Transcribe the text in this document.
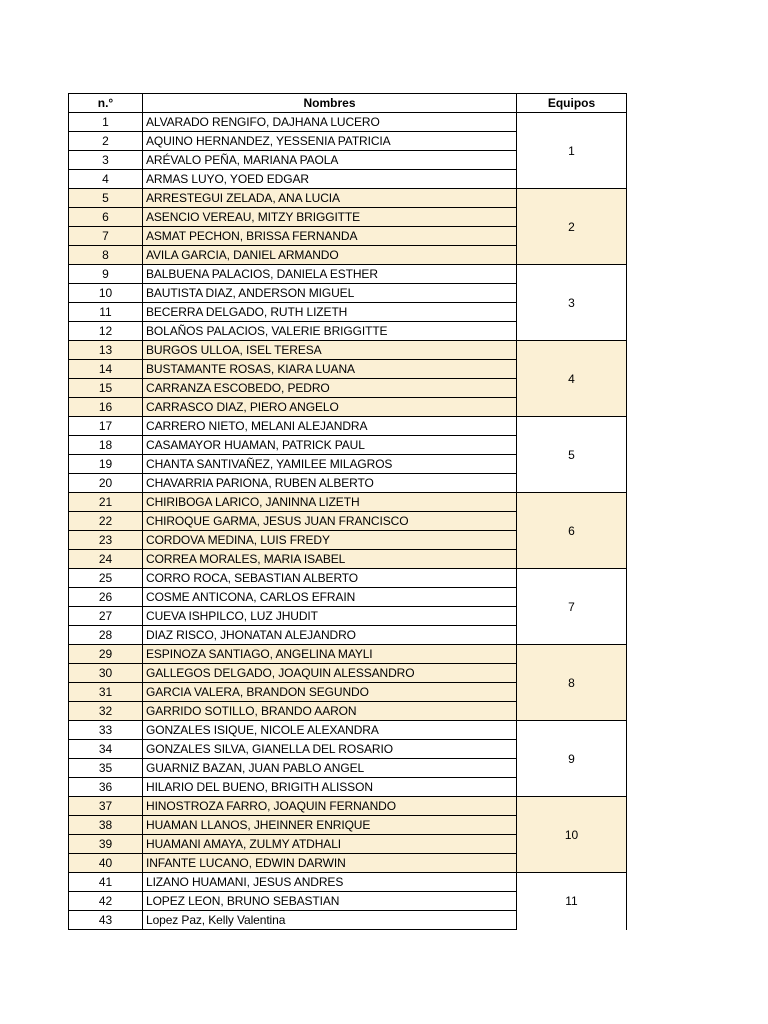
n.°	Nombres	Equipos
1	ALVARADO RENGIFO, DAJHANA LUCERO	1
2	AQUINO HERNANDEZ, YESSENIA PATRICIA	
3	ARÉVALO PEÑA, MARIANA PAOLA	
4	ARMAS LUYO, YOED EDGAR	
5	ARRESTEGUI ZELADA, ANA LUCIA	2
6	ASENCIO VEREAU, MITZY BRIGGITTE	
7	ASMAT PECHON, BRISSA FERNANDA	
8	AVILA GARCIA, DANIEL ARMANDO	
9	BALBUENA PALACIOS, DANIELA ESTHER	3
10	BAUTISTA DIAZ, ANDERSON MIGUEL	
11	BECERRA DELGADO, RUTH LIZETH	
12	BOLAÑOS PALACIOS, VALERIE BRIGGITTE	
13	BURGOS ULLOA, ISEL TERESA	4
14	BUSTAMANTE ROSAS, KIARA LUANA	
15	CARRANZA ESCOBEDO, PEDRO	
16	CARRASCO DIAZ, PIERO ANGELO	
17	CARRERO NIETO, MELANI ALEJANDRA	5
18	CASAMAYOR HUAMAN, PATRICK PAUL	
19	CHANTA SANTIVAÑEZ, YAMILEE MILAGROS	
20	CHAVARRIA PARIONA, RUBEN ALBERTO	
21	CHIRIBOGA LARICO, JANINNA LIZETH	6
22	CHIROQUE GARMA, JESUS JUAN FRANCISCO	
23	CORDOVA MEDINA, LUIS FREDY	
24	CORREA MORALES, MARIA ISABEL	
25	CORRO ROCA, SEBASTIAN ALBERTO	7
26	COSME ANTICONA, CARLOS EFRAIN	
27	CUEVA ISHPILCO, LUZ JHUDIT	
28	DIAZ RISCO, JHONATAN ALEJANDRO	
29	ESPINOZA SANTIAGO, ANGELINA MAYLI	8
30	GALLEGOS DELGADO, JOAQUIN ALESSANDRO	
31	GARCIA VALERA, BRANDON SEGUNDO	
32	GARRIDO SOTILLO, BRANDO AARON	
33	GONZALES ISIQUE, NICOLE ALEXANDRA	9
34	GONZALES SILVA, GIANELLA DEL ROSARIO	
35	GUARNIZ BAZAN, JUAN PABLO ANGEL	
36	HILARIO DEL BUENO, BRIGITH ALISSON	
37	HINOSTROZA FARRO, JOAQUIN FERNANDO	10
38	HUAMAN LLANOS, JHEINNER ENRIQUE	
39	HUAMANI AMAYA, ZULMY ATDHALI	
40	INFANTE LUCANO, EDWIN DARWIN	
41	LIZANO HUAMANI, JESUS ANDRES	11
42	LOPEZ LEON, BRUNO SEBASTIAN	
43	Lopez Paz, Kelly Valentina	
